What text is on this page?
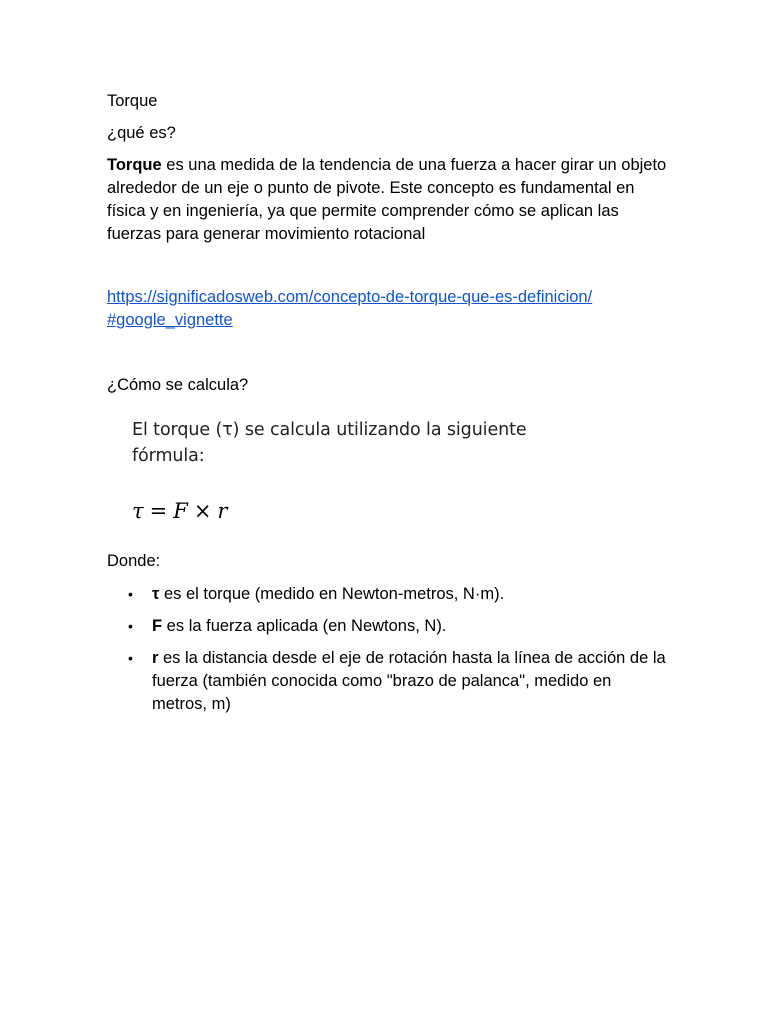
Torque

¿qué es?

Torque es una medida de la tendencia de una fuerza a hacer girar un objeto alrededor de un eje o punto de pivote. Este concepto es fundamental en física y en ingeniería, ya que permite comprender cómo se aplican las fuerzas para generar movimiento rotacional

https://significadosweb.com/concepto-de-torque-que-es-definicion/
#google_vignette

¿Cómo se calcula?

El torque (τ) se calcula utilizando la siguiente fórmula:
τ = F × r

Donde:

• τ es el torque (medido en Newton-metros, N·m).
• F es la fuerza aplicada (en Newtons, N).
• r es la distancia desde el eje de rotación hasta la línea de acción de la fuerza (también conocida como "brazo de palanca", medido en metros, m)
